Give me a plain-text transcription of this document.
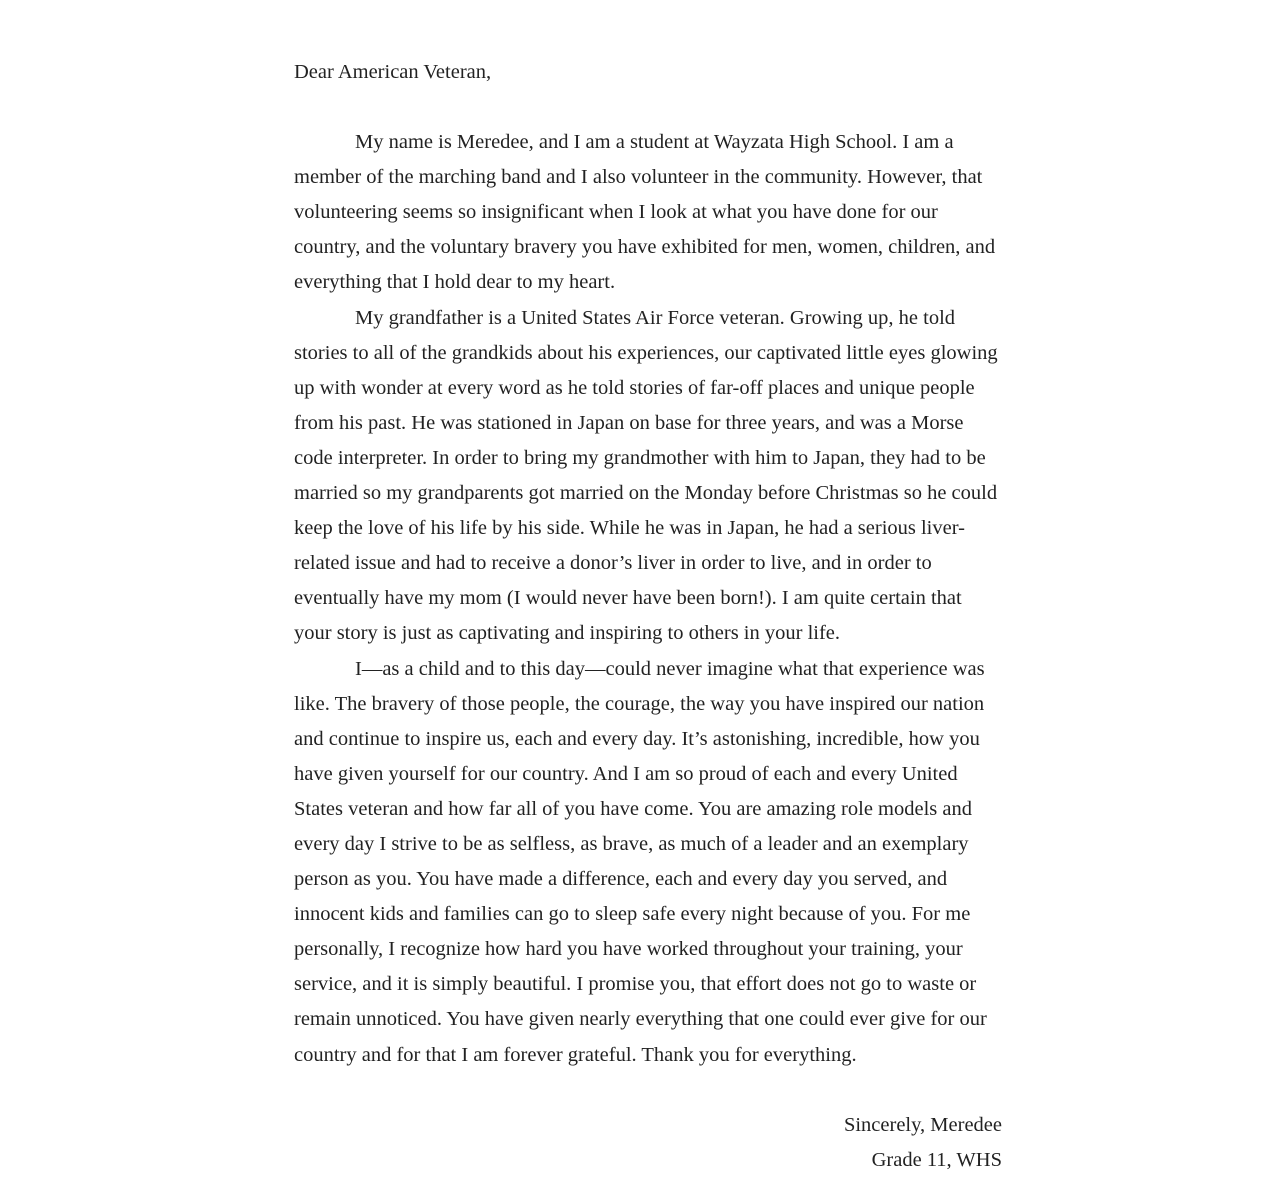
Dear American Veteran,

My name is Meredee, and I am a student at Wayzata High School. I am a member of the marching band and I also volunteer in the community. However, that volunteering seems so insignificant when I look at what you have done for our country, and the voluntary bravery you have exhibited for men, women, children, and everything that I hold dear to my heart.

My grandfather is a United States Air Force veteran. Growing up, he told stories to all of the grandkids about his experiences, our captivated little eyes glowing up with wonder at every word as he told stories of far-off places and unique people from his past. He was stationed in Japan on base for three years, and was a Morse code interpreter. In order to bring my grandmother with him to Japan, they had to be married so my grandparents got married on the Monday before Christmas so he could keep the love of his life by his side. While he was in Japan, he had a serious liver-related issue and had to receive a donor’s liver in order to live, and in order to eventually have my mom (I would never have been born!). I am quite certain that your story is just as captivating and inspiring to others in your life.

I—as a child and to this day—could never imagine what that experience was like. The bravery of those people, the courage, the way you have inspired our nation and continue to inspire us, each and every day. It’s astonishing, incredible, how you have given yourself for our country. And I am so proud of each and every United States veteran and how far all of you have come. You are amazing role models and every day I strive to be as selfless, as brave, as much of a leader and an exemplary person as you. You have made a difference, each and every day you served, and innocent kids and families can go to sleep safe every night because of you. For me personally, I recognize how hard you have worked throughout your training, your service, and it is simply beautiful. I promise you, that effort does not go to waste or remain unnoticed. You have given nearly everything that one could ever give for our country and for that I am forever grateful. Thank you for everything.

Sincerely, Meredee
Grade 11, WHS
